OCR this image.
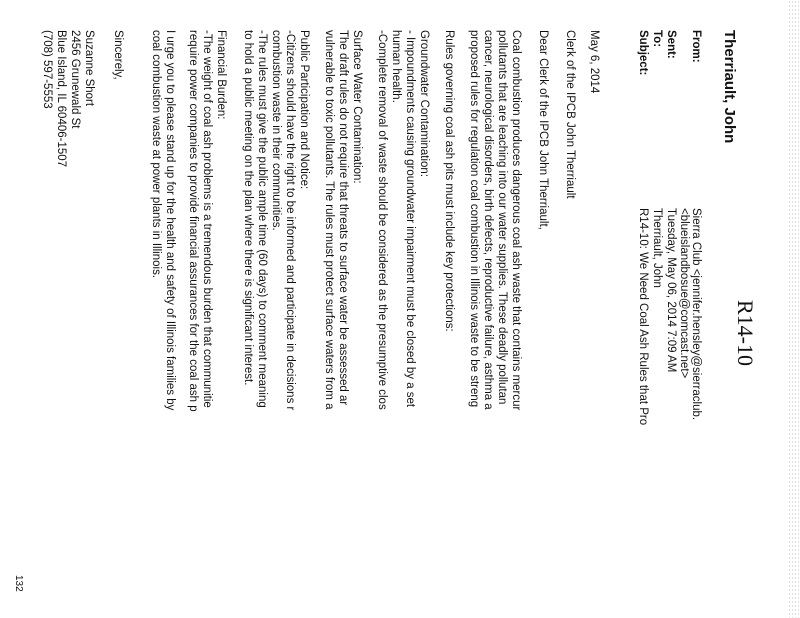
R14-10
Therriault, John
From:
Sent:
To:
Subject:
Sierra Club <jennifer.hensley@sierraclub.
<blueislandbosue@comcast.net>
Tuesday, May 06, 2014 7:09 AM
Therriault, John
R14-10: We Need Coal Ash Rules that Pro
May 6, 2014
Clerk of the IPCB John Therriault
Dear Clerk of the IPCB John Therriault,
Coal combustion produces dangerous coal ash waste that contains mercur
pollutants that are leaching into our water supplies. These deadly pollutan
cancer, neurological disorders, birth defects, reproductive failure, asthma a
proposed rules for regulation coal combustion in Illinois waste to be streng
Rules governing coal ash pits must include key protections:
Groundwater Contamination:
- Impoundments causing groundwater impairment must be closed by a set
human health.
-Complete removal of waste should be considered as the presumptive clos
Surface Water Contamination:
The draft rules do not require that threats to surface water be assessed ar
vulnerable to toxic pollutants. The rules must protect surface waters from a
Public Participation and Notice:
-Citizens should have the right to be informed and participate in decisions r
combustion waste in their communities.
-The rules must give the public ample time (60 days) to comment meaning
to hold a public meeting on the plan where there is significant interest.
Financial Burden:
-The weight of coal ash problems is a tremendous burden that communitie
require power companies to provide financial assurances for the coal ash p
I urge you to please stand up for the health and safety of Illinois families by
coal combustion waste at power plants in Illinois.
Sincerely,
Suzanne Short
2456 Grunewald St
Blue Island, IL 60406-1507
(708) 597-5553
132
